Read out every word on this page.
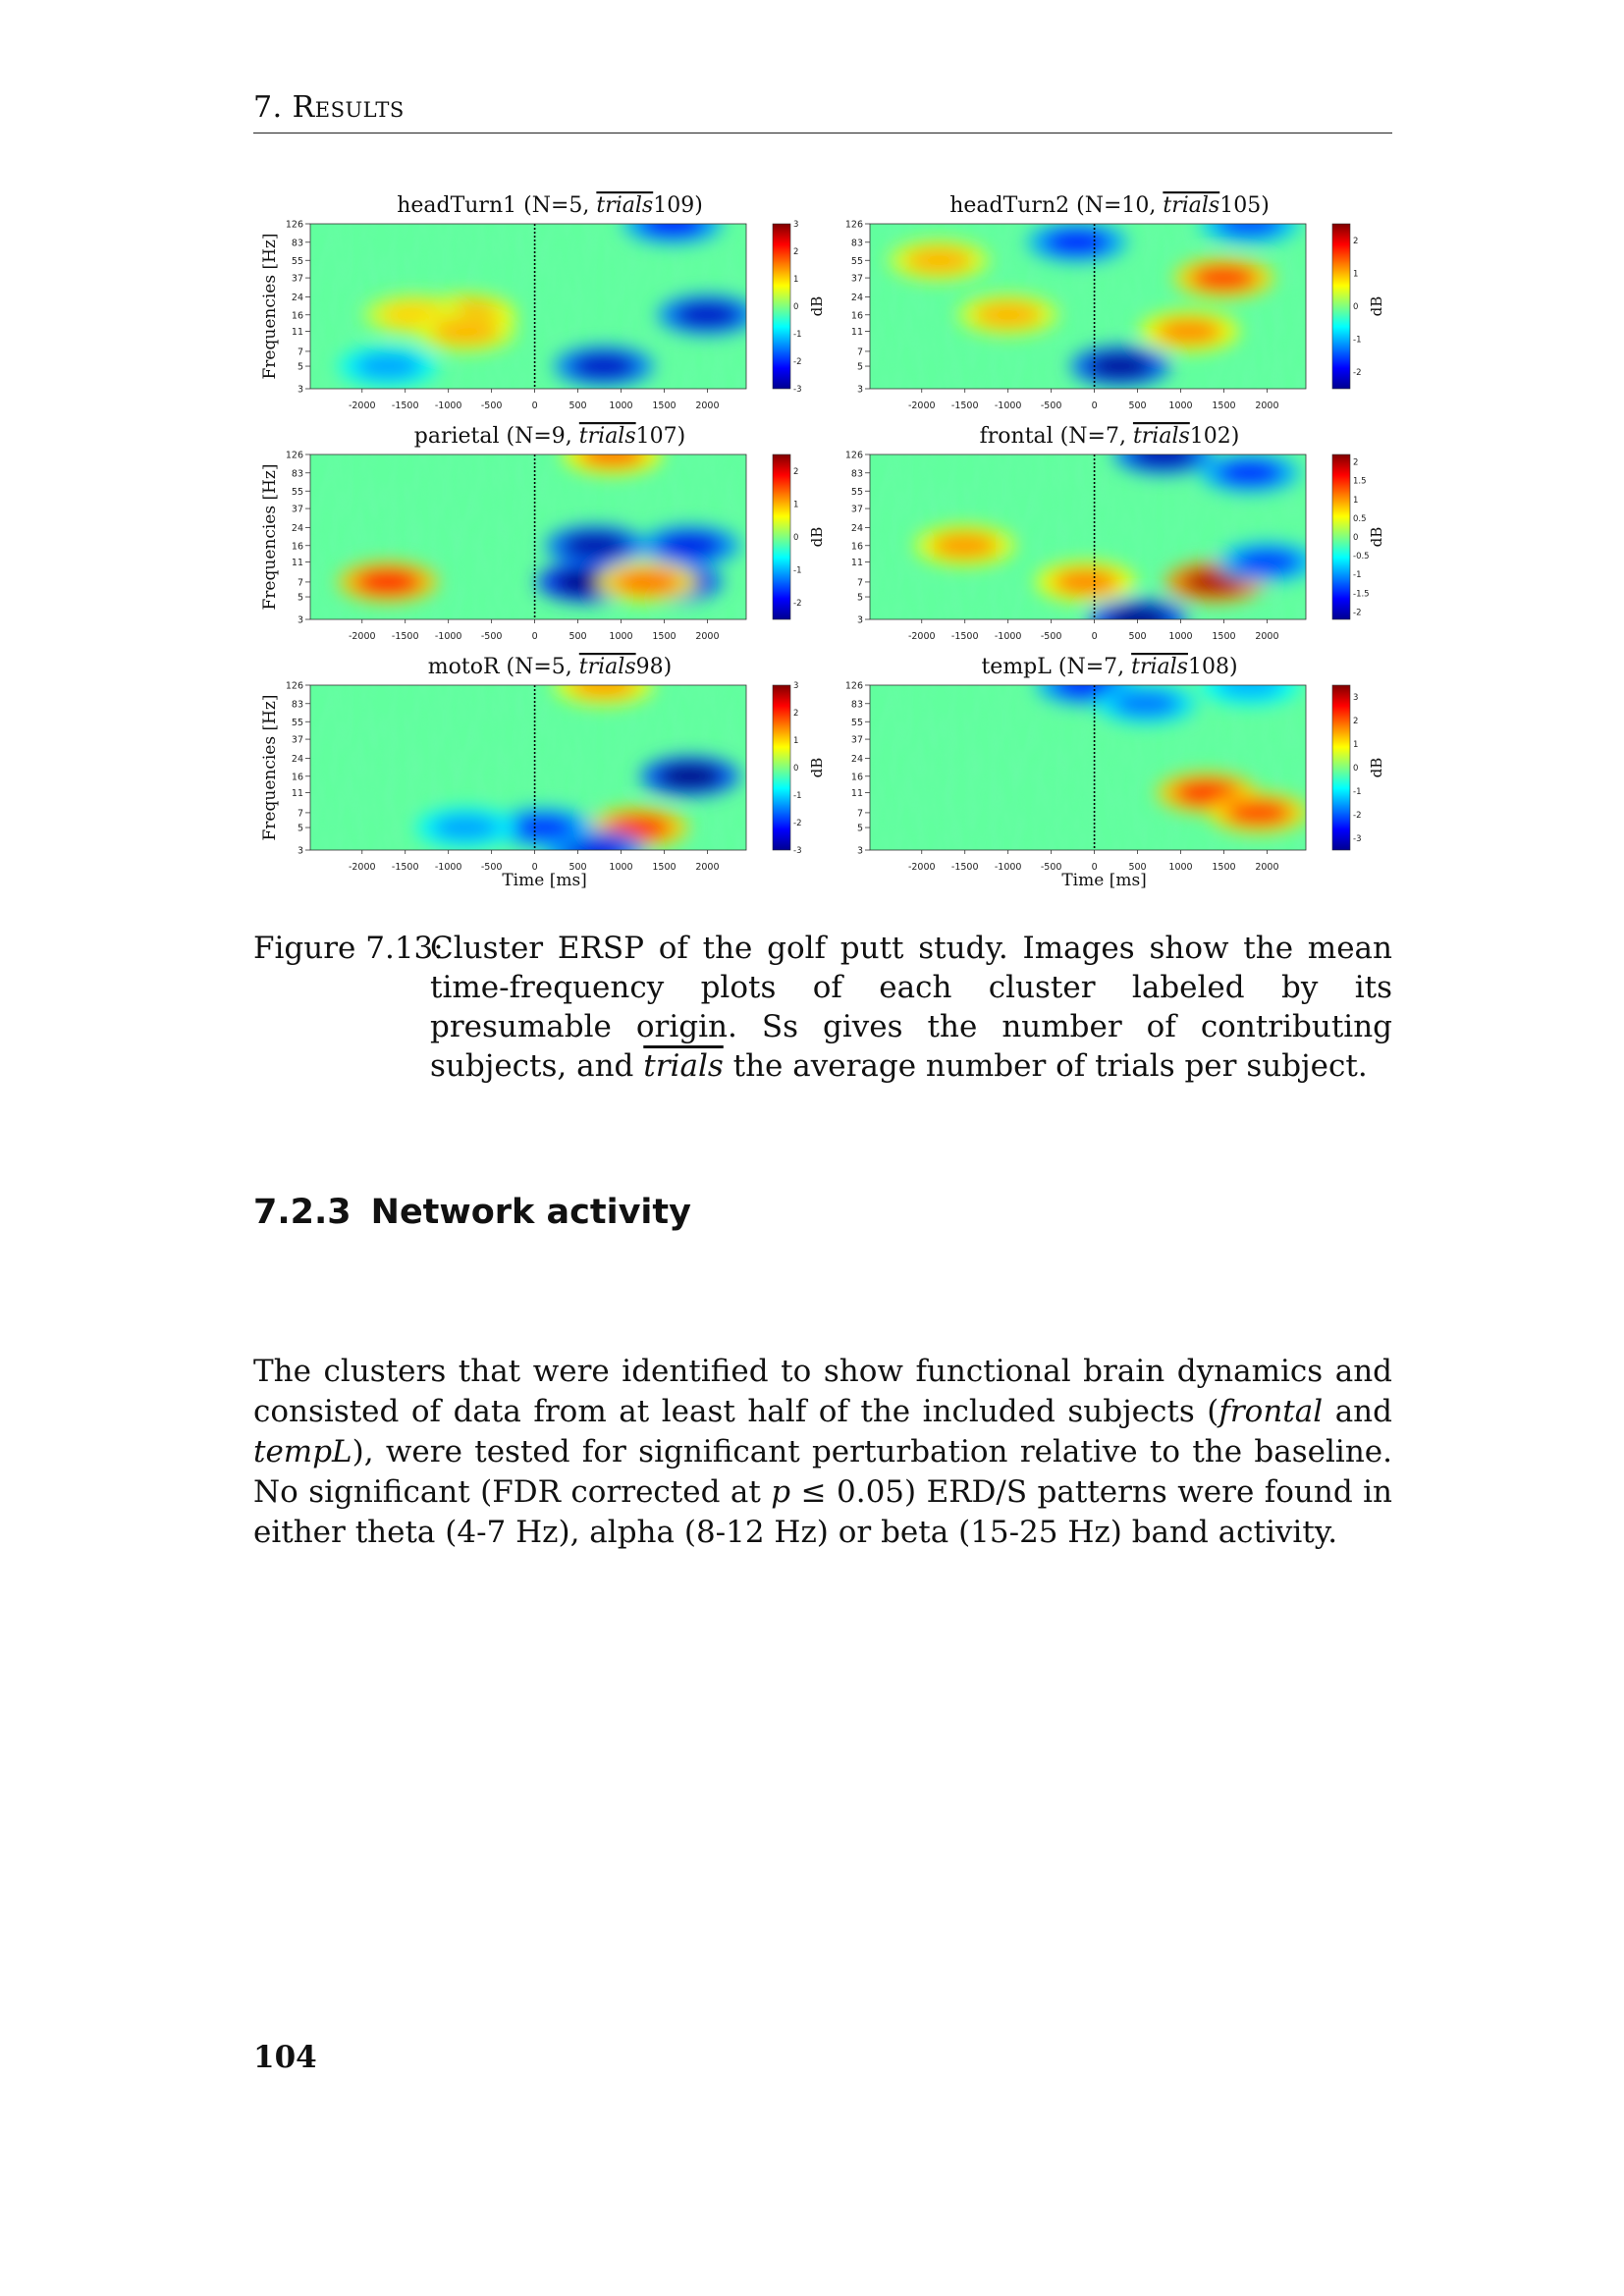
7. Results
3
5
7
11
16
24
37
55
83
126
-2000 -1500 -1000 -500	0	500 1000 1500 2000
headTurn1 (N=5, trials109)
Frequencies [Hz]
3
2
1
0
-1
-2
-3
dB
3
5
7
11
16
24
37
55
83
126
-2000 -1500 -1000 -500	0	500 1000 1500 2000
headTurn2 (N=10, trials105)
2
1
0
-1
-2
dB
3
5
7
11
16
24
37
55
83
126
-2000 -1500 -1000 -500	0	500 1000 1500 2000
parietal (N=9, trials107)
Frequencies [Hz]	2
1
0
-1
-2
dB
3
5
7
11
16
24
37
55
83
126
-2000 -1500 -1000 -500	0	500 1000 1500 2000
frontal (N=7, trials102)
2
1.5
1
0.5
0
-0.5
-1
-1.5
-2
dB
3
5
7
11
16
24
37
55
83
126
-2000 -1500 -1000 -500	0	500 1000 1500 2000
motoR (N=5, trials98)
Frequencies [Hz]
Time [ms]
3
2
1
0
-1
-2
-3
dB
3
5
7
11
16
24
37
55
83
126
-2000 -1500 -1000 -500	0	500 1000 1500 2000
tempL (N=7, trials108)
Time [ms]
3
2
1
0
-1
-2
-3
dB
Figure 7.13:
Cluster ERSP of the golf putt study. Images show the mean time-frequency plots of each cluster labeled by its presumable origin. Ss gives the number of contributing subjects, and trials the average number of trials per subject.
7.2.3 Network activity
The clusters that were identified to show functional brain dynamics and consisted of data from at least half of the included subjects (frontal and tempL), were tested for significant perturbation relative to the baseline. No significant (FDR corrected at p ≤ 0.05) ERD/S patterns were found in either theta (4-7 Hz), alpha (8-12 Hz) or beta (15-25 Hz) band activity.
104
